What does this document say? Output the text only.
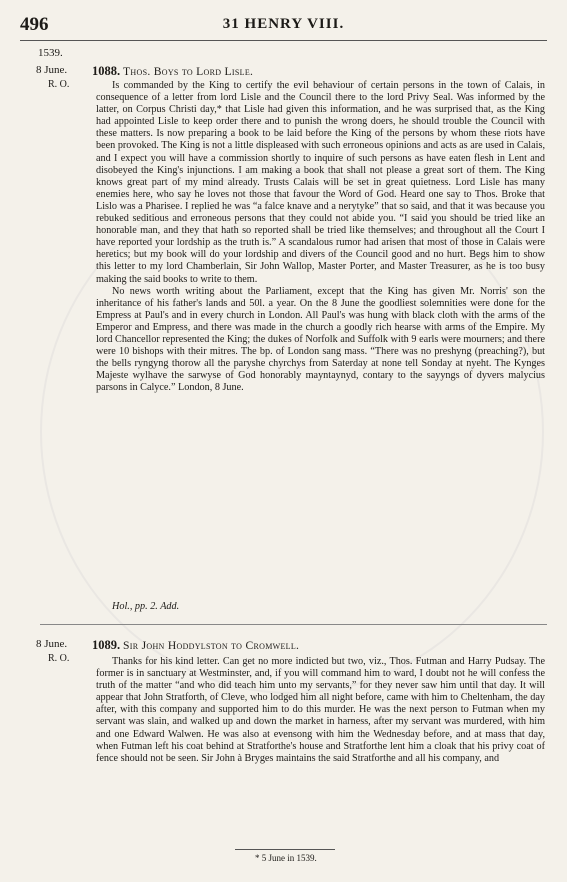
496	31 HENRY VIII.
1539.
8 June.
R. O.
1088. Thos. Boys to Lord Lisle.

Is commanded by the King to certify the evil behaviour of certain persons in the town of Calais, in consequence of a letter from lord Lisle and the Council there to the lord Privy Seal. Was informed by the latter, on Corpus Christi day,* that Lisle had given this information, and he was surprised that, as the King had appointed Lisle to keep order there and to punish the wrong doers, he should trouble the Council with these matters. Is now preparing a book to be laid before the King of the persons by whom these riots have been provoked. The King is not a little displeased with such erroneous opinions and acts as are used in Calais, and I expect you will have a commission shortly to inquire of such persons as have eaten flesh in Lent and disobeyed the King's injunctions. I am making a book that shall not please a great sort of them. The King knows great part of my mind already. Trusts Calais will be set in great quietness. Lord Lisle has many enemies here, who say he loves not those that favour the Word of God. Heard one say to Thos. Broke that Lislo was a Pharisee. I replied he was “a falce knave and a nerytyke” that so said, and that it was because you rebuked seditious and erroneous persons that they could not abide you. “I said you should be tried like an honorable man, and they that hath so reported shall be tried like themselves; and throughout all the Court I have reported your lordship as the truth is.” A scandalous rumor had arisen that most of those in Calais were heretics; but my book will do your lordship and divers of the Council good and no hurt. Begs him to show this letter to my lord Chamberlain, Sir John Wallop, Master Porter, and Master Treasurer, as he is too busy making the said books to write to them.

No news worth writing about the Parliament, except that the King has given Mr. Norris' son the inheritance of his father's lands and 50l. a year. On the 8 June the goodliest solemnities were done for the Empress at Paul's and in every church in London. All Paul's was hung with black cloth with the arms of the Emperor and Empress, and there was made in the church a goodly rich hearse with arms of the Empire. My lord Chancellor represented the King; the dukes of Norfolk and Suffolk with 9 earls were mourners; and there were 10 bishops with their mitres. The bp. of London sang mass. “There was no preshyng (preaching?), but the bells ryngyng thorow all the paryshe chyrchys from Saterday at none tell Sonday at nyeht. The Kynges Majeste wylhave the sarwyse of God honorably mayntaynyd, contary to the sayyngs of dyvers malycius parsons in Calyce.” London, 8 June.

Hol., pp. 2. Add.
8 June.
R. O.
1089. Sir John Hoddylston to Cromwell.

Thanks for his kind letter. Can get no more indicted but two, viz., Thos. Futman and Harry Pudsay. The former is in sanctuary at Westminster, and, if you will command him to ward, I doubt not he will confess the truth of the matter “and who did teach him unto my servants,” for they never saw him until that day. It will appear that John Stratforth, of Cleve, who lodged him all night before, came with him to Cheltenham, the day after, with this company and supported him to do this murder. He was the next person to Futman when my servant was slain, and walked up and down the market in harness, after my servant was murdered, with him and one Edward Walwen. He was also at evensong with him the Wednesday before, and at mass that day, when Futman left his coat behind at Stratforthe's house and Stratforthe lent him a cloak that his privy coat of fence should not be seen. Sir John à Bryges maintains the said Stratforthe and all his company, and

* 5 June in 1539.
